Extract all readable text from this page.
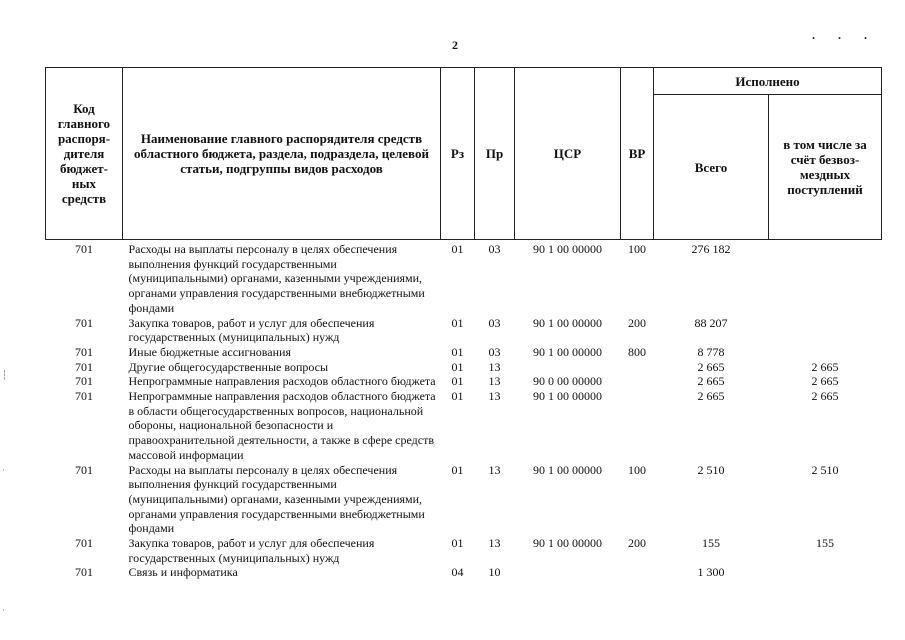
2
. . .
┆
·
·
Код главного распоря-дителя бюджет-ных средств	Наименование главного распорядителя средств областного бюджета, раздела, подраздела, целевой статьи, подгруппы видов расходов	Рз	Пр	ЦСР	ВР	Исполнено	
						Всего	в том числе за счёт безвоз-мездных поступлений
701	Расходы на выплаты персоналу в целях обеспечения выполнения функций государственными (муниципальными) органами, казенными учреждениями, органами управления государственными внебюджетными фондами	01	03	90 1 00 00000	100	276 182	
701	Закупка товаров, работ и услуг для обеспечения государственных (муниципальных) нужд	01	03	90 1 00 00000	200	88 207	
701	Иные бюджетные ассигнования	01	03	90 1 00 00000	800	8 778	
701	Другие общегосударственные вопросы	01	13			2 665	2 665
701	Непрограммные направления расходов областного бюджета	01	13	90 0 00 00000		2 665	2 665
701	Непрограммные направления расходов областного бюджета в области общегосударственных вопросов, национальной обороны, национальной безопасности и правоохранительной деятельности, а также в сфере средств массовой информации	01	13	90 1 00 00000		2 665	2 665
701	Расходы на выплаты персоналу в целях обеспечения выполнения функций государственными (муниципальными) органами, казенными учреждениями, органами управления государственными внебюджетными фондами	01	13	90 1 00 00000	100	2 510	2 510
701	Закупка товаров, работ и услуг для обеспечения государственных (муниципальных) нужд	01	13	90 1 00 00000	200	155	155
701	Связь и информатика	04	10			1 300	
